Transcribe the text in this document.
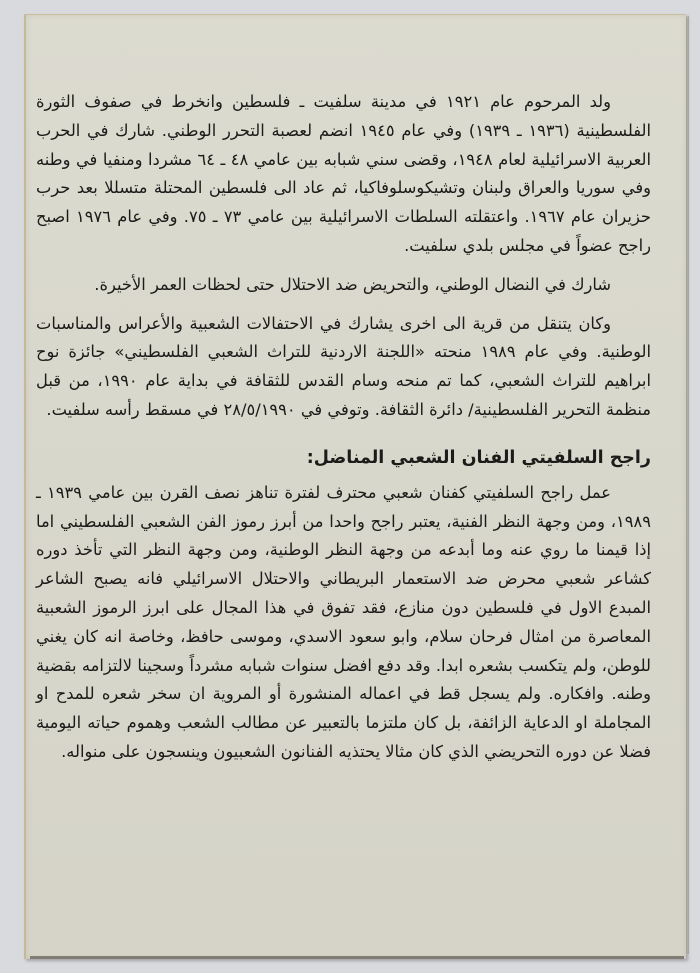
ولد المرحوم عام ١٩٢١ في مدينة سلفيت ـ فلسطين وانخرط في صفوف الثورة الفلسطينية (١٩٣٦ ـ ١٩٣٩) وفي عام ١٩٤٥ انضم لعصبة التحرر الوطني. شارك في الحرب العربية الاسرائيلية لعام ١٩٤٨، وقضى سني شبابه بين عامي ٤٨ ـ ٦٤ مشردا ومنفيا في وطنه وفي سوريا والعراق ولبنان وتشيكوسلوفاكيا، ثم عاد الى فلسطين المحتلة متسللا بعد حرب حزيران عام ١٩٦٧. واعتقلته السلطات الاسرائيلية بين عامي ٧٣ ـ ٧٥. وفي عام ١٩٧٦ اصبح راجح عضواً في مجلس بلدي سلفيت.

شارك في النضال الوطني، والتحريض ضد الاحتلال حتى لحظات العمر الأخيرة.

وكان يتنقل من قرية الى اخرى يشارك في الاحتفالات الشعبية والأعراس والمناسبات الوطنية. وفي عام ١٩٨٩ منحته «اللجنة الاردنية للتراث الشعبي الفلسطيني» جائزة نوح ابراهيم للتراث الشعبي، كما تم منحه وسام القدس للثقافة في بداية عام ١٩٩٠، من قبل منظمة التحرير الفلسطينية/ دائرة الثقافة. وتوفي في ٢٨/٥/١٩٩٠ في مسقط رأسه سلفيت.

راجح السلفيتي الفنان الشعبي المناضل:

عمل راجح السلفيتي كفنان شعبي محترف لفترة تناهز نصف القرن بين عامي ١٩٣٩ ـ ١٩٨٩، ومن وجهة النظر الفنية، يعتبر راجح واحدا من أبرز رموز الفن الشعبي الفلسطيني اما إذا قيمنا ما روي عنه وما أبدعه من وجهة النظر الوطنية، ومن وجهة النظر التي تأخذ دوره كشاعر شعبي محرض ضد الاستعمار البريطاني والاحتلال الاسرائيلي فانه يصبح الشاعر المبدع الاول في فلسطين دون منازع، فقد تفوق في هذا المجال على ابرز الرموز الشعبية المعاصرة من امثال فرحان سلام، وابو سعود الاسدي، وموسى حافظ، وخاصة انه كان يغني للوطن، ولم يتكسب بشعره ابدا. وقد دفع افضل سنوات شبابه مشرداً وسجينا لالتزامه بقضية وطنه. وافكاره. ولم يسجل قط في اعماله المنشورة أو المروية ان سخر شعره للمدح او المجاملة او الدعاية الزائفة، بل كان ملتزما بالتعبير عن مطالب الشعب وهموم حياته اليومية فضلا عن دوره التحريضي الذي كان مثالا يحتذيه الفنانون الشعبيون وينسجون على منواله.
